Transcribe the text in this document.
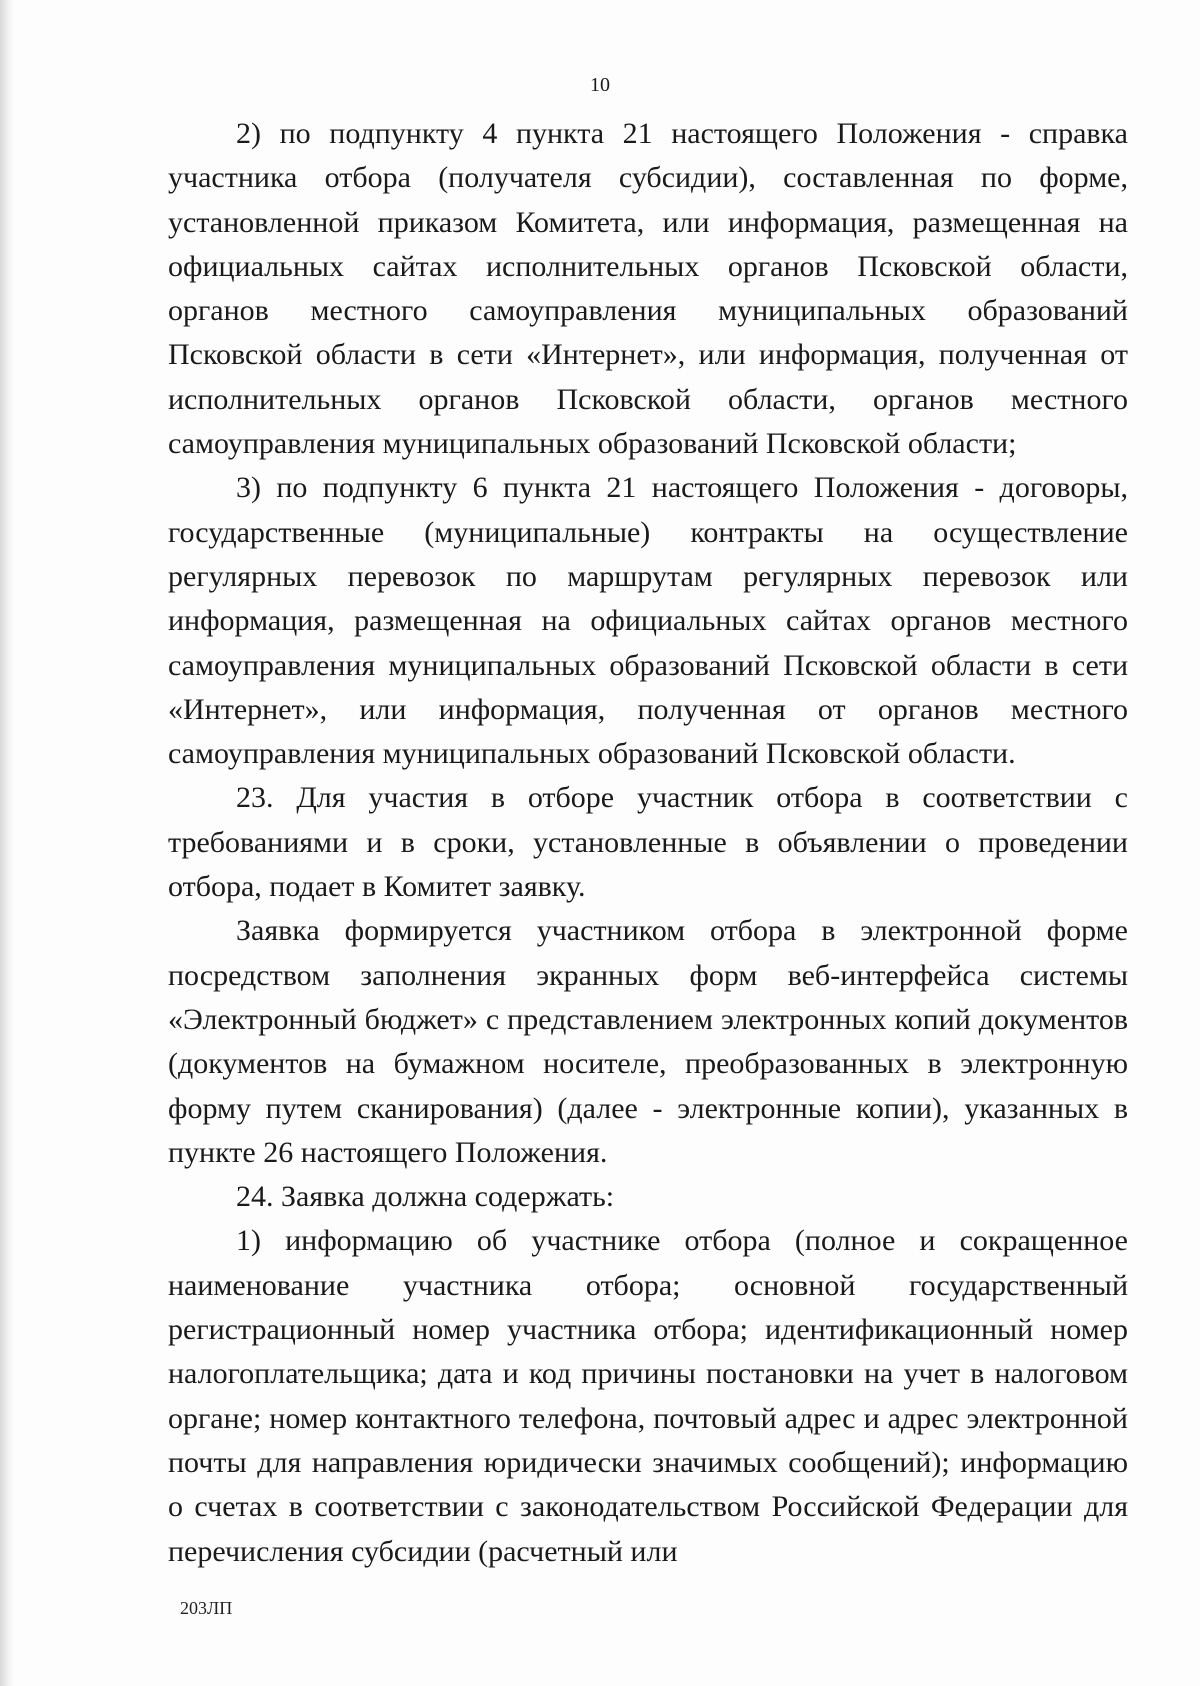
10

2) по подпункту 4 пункта 21 настоящего Положения - справка участника отбора (получателя субсидии), составленная по форме, установленной приказом Комитета, или информация, размещенная на официальных сайтах исполнительных органов Псковской области, органов местного самоуправления муниципальных образований Псковской области в сети «Интернет», или информация, полученная от исполнительных органов Псковской области, органов местного самоуправления муниципальных образований Псковской области;

3) по подпункту 6 пункта 21 настоящего Положения - договоры, государственные (муниципальные) контракты на осуществление регулярных перевозок по маршрутам регулярных перевозок или информация, размещенная на официальных сайтах органов местного самоуправления муниципальных образований Псковской области в сети «Интернет», или информация, полученная от органов местного самоуправления муниципальных образований Псковской области.

23. Для участия в отборе участник отбора в соответствии с требованиями и в сроки, установленные в объявлении о проведении отбора, подает в Комитет заявку.

Заявка формируется участником отбора в электронной форме посредством заполнения экранных форм веб-интерфейса системы «Электронный бюджет» с представлением электронных копий документов (документов на бумажном носителе, преобразованных в электронную форму путем сканирования) (далее - электронные копии), указанных в пункте 26 настоящего Положения.

24. Заявка должна содержать:

1) информацию об участнике отбора (полное и сокращенное наименование участника отбора; основной государственный регистрационный номер участника отбора; идентификационный номер налогоплательщика; дата и код причины постановки на учет в налоговом органе; номер контактного телефона, почтовый адрес и адрес электронной почты для направления юридически значимых сообщений); информацию о счетах в соответствии с законодательством Российской Федерации для перечисления субсидии (расчетный или

203ЛП
